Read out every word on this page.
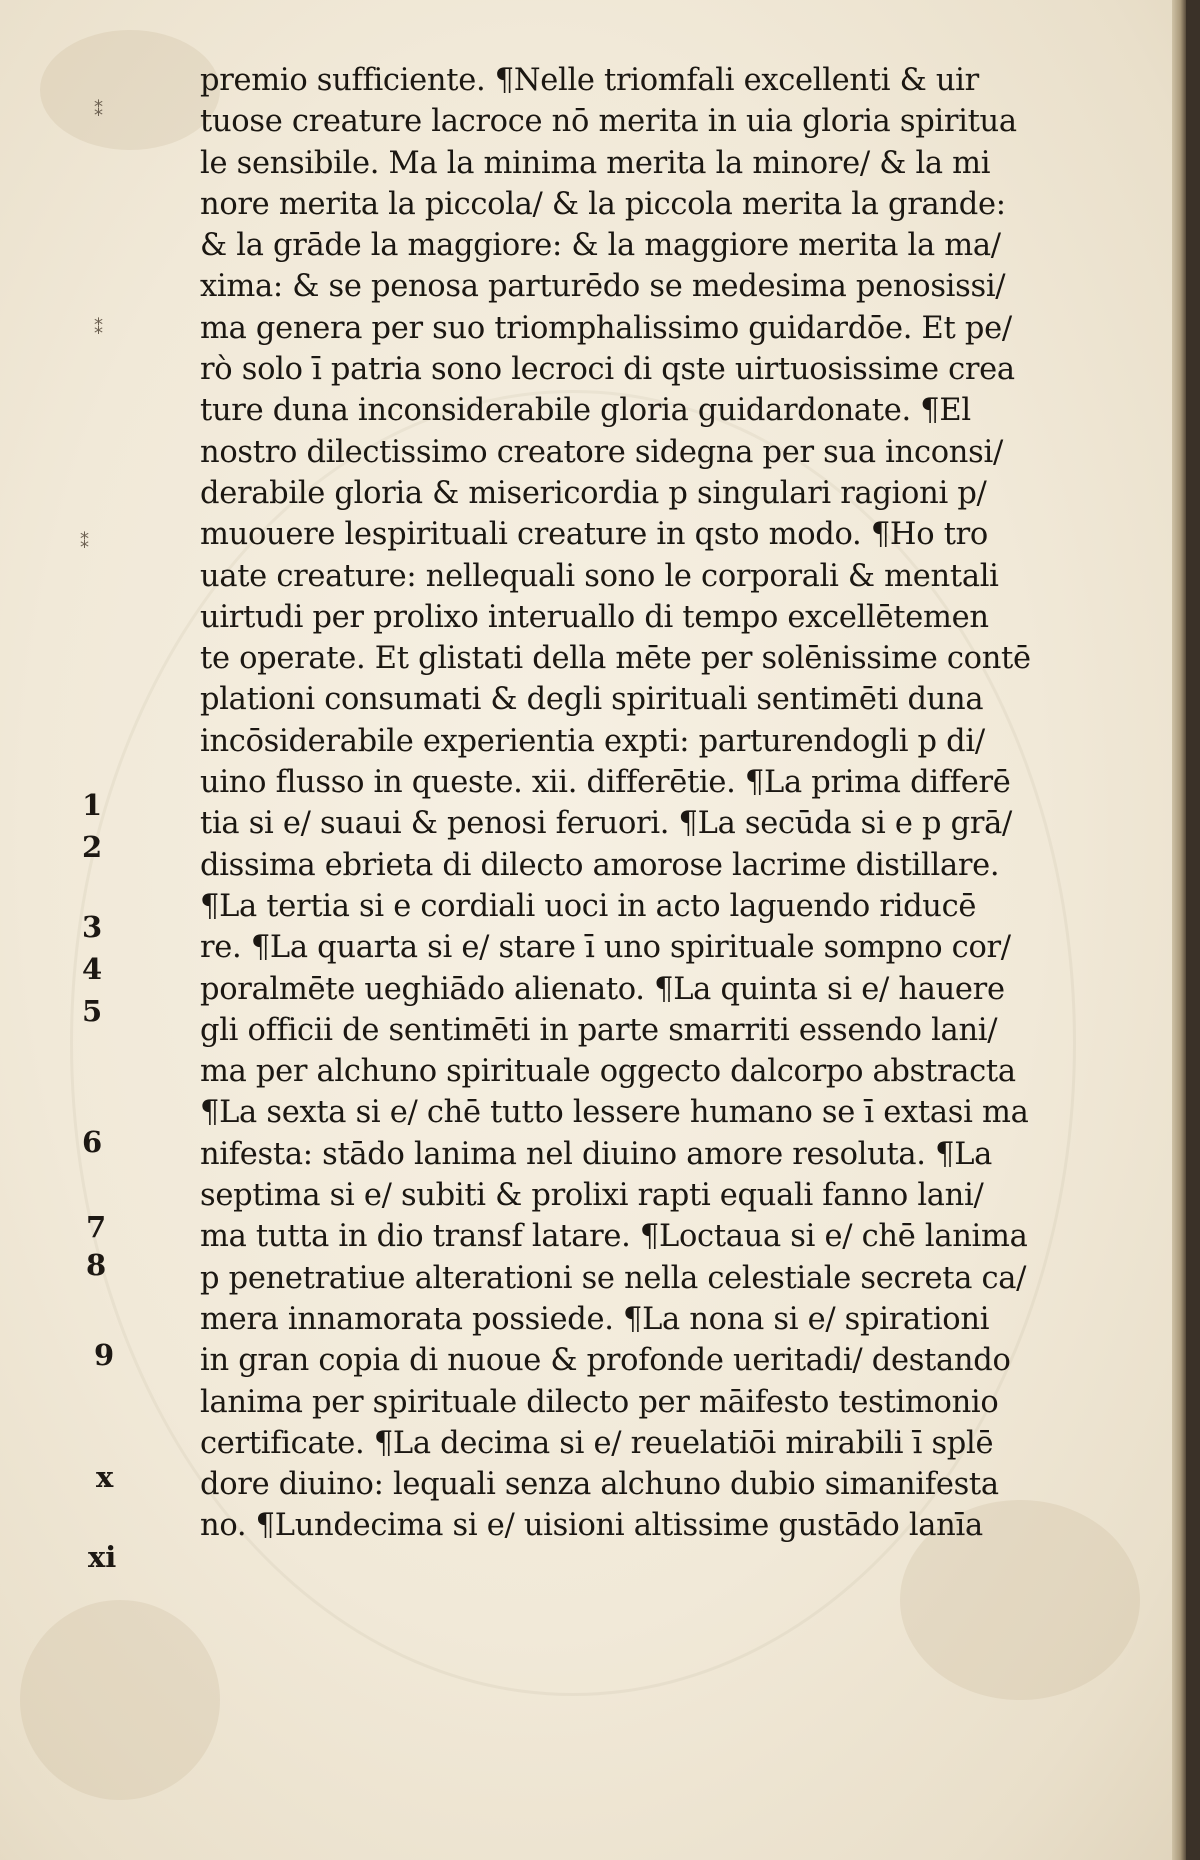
⁑
⁑
⁑
premio sufficiente. ¶Nelle triomfali excellenti & uir
tuose creature lacroce nō merita in uia gloria spiritua
le sensibile. Ma la minima merita la minore/ & la mi
nore merita la piccola/ & la piccola merita la grande:
& la grāde la maggiore: & la maggiore merita la ma/
xima: & se penosa parturēdo se medesima penosissi/
ma genera per suo triomphalissimo guidardōe. Et pe/
rò solo ī patria sono lecroci di qste uirtuosissime crea
ture duna inconsiderabile gloria guidardonate. ¶El
nostro dilectissimo creatore sidegna per sua inconsi/
derabile gloria & misericordia p singulari ragioni p/
muouere lespirituali creature in qsto modo. ¶Ho tro
uate creature: nellequali sono le corporali & mentali
uirtudi per prolixo interuallo di tempo excellētemen
te operate. Et glistati della mēte per solēnissime contē
plationi consumati & degli spirituali sentimēti duna
incōsiderabile experientia expti: parturendogli p di/
uino flusso in queste. xii. differētie. ¶La prima differē
tia si e/ suaui & penosi feruori. ¶La secūda si e p grā/
dissima ebrieta di dilecto amorose lacrime distillare.
¶La tertia si e cordiali uoci in acto laguendo riducē
re. ¶La quarta si e/ stare ī uno spirituale sompno cor/
poralmēte ueghiādo alienato. ¶La quinta si e/ hauere
gli officii de sentimēti in parte smarriti essendo lani/
ma per alchuno spirituale oggecto dalcorpo abstracta
¶La sexta si e/ chē tutto lessere humano se ī extasi ma
nifesta: stādo lanima nel diuino amore resoluta. ¶La
septima si e/ subiti & prolixi rapti equali fanno lani/
ma tutta in dio transf latare. ¶Loctaua si e/ chē lanima
p penetratiue alterationi se nella celestiale secreta ca/
mera innamorata possiede. ¶La nona si e/ spirationi
in gran copia di nuoue & profonde ueritadi/ destando
lanima per spirituale dilecto per māifesto testimonio
certificate. ¶La decima si e/ reuelatiōi mirabili ī splē
dore diuino: lequali senza alchuno dubio simanifesta
no. ¶Lundecima si e/ uisioni altissime gustādo lanīa
1
2
3
4
5
6
7
8
9
x
xi
